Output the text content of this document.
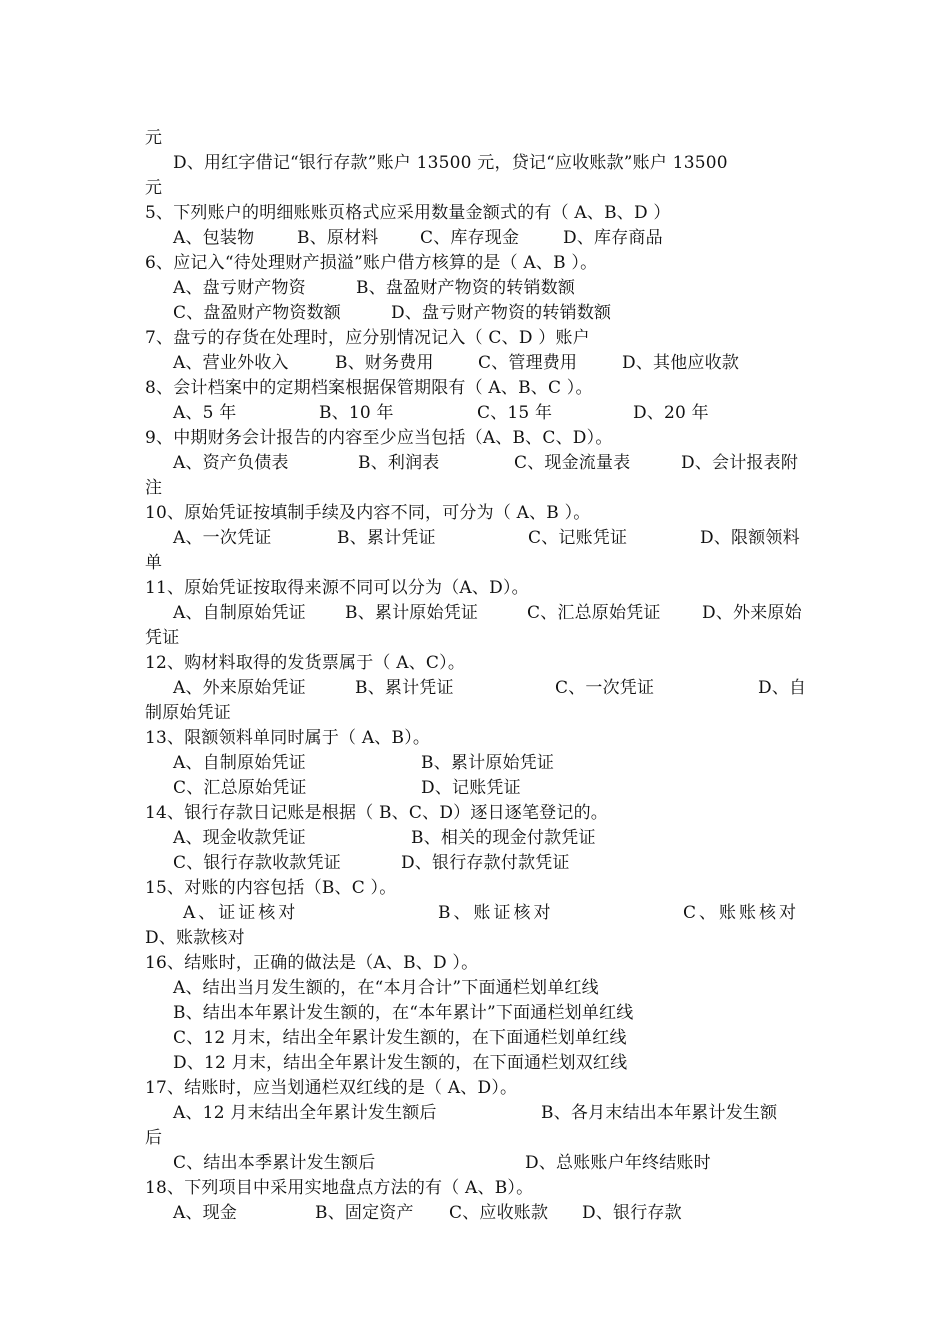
元
D、用红字借记“银行存款”账户 13500 元，贷记“应收账款”账户 13500
元
5、下列账户的明细账账页格式应采用数量金额式的有（ A、B、D ）

A、包装物

	B、原材料

C、库存现金

	D、库存商品

6、应记入“待处理财产损溢”账户借方核算的是（ A、B ）。

A、盘亏财产物资

	B、盘盈财产物资的转销数额

C、盘盈财产物资数额

	D、盘亏财产物资的转销数额

7、盘亏的存货在处理时，应分别情况记入（ C、D ）账户

A、营业外收入

	B、财务费用

	C、管理费用

	D、其他应收款

8、会计档案中的定期档案根据保管期限有（ A、B、C ）。

A、5 年

	B、10 年

	C、15 年

	D、20 年

9、中期财务会计报告的内容至少应当包括（A、B、C、D）。

A、资产负债表

	B、利润表

	C、现金流量表

	D、会计报表附

注
10、原始凭证按填制手续及内容不同，可分为（ A、B ）。

A、一次凭证

	B、累计凭证

	C、记账凭证

	D、限额领料

单
11、原始凭证按取得来源不同可以分为（A、D）。

A、自制原始凭证

B、累计原始凭证

	C、汇总原始凭证

D、外来原始

凭证
12、购材料取得的发货票属于（ A、C）。

A、外来原始凭证

	B、累计凭证

	C、一次凭证

	D、自

制原始凭证
13、限额领料单同时属于（ A、B）。

A、自制原始凭证

	B、累计原始凭证

C、汇总原始凭证

	D、记账凭证

14、银行存款日记账是根据（ B、C、D）逐日逐笔登记的。

A、现金收款凭证

	B、相关的现金付款凭证

C、银行存款收款凭证

	D、银行存款付款凭证

15、对账的内容包括（B、C ）。

A、证证核对

	B、账证核对

	C、账账核对

D、账款核对
16、结账时，正确的做法是（A、B、D ）。
A、结出当月发生额的，在“本月合计”下面通栏划单红线
B、结出本年累计发生额的，在“本年累计”下面通栏划单红线
C、12 月末，结出全年累计发生额的，在下面通栏划单红线
D、12 月末，结出全年累计发生额的，在下面通栏划双红线
17、结账时，应当划通栏双红线的是（ A、D）。

A、12 月末结出全年累计发生额后

	B、各月末结出本年累计发生额

后

C、结出本季累计发生额后

	D、总账账户年终结账时

18、下列项目中采用实地盘点方法的有（ A、B）。

A、现金

	B、固定资产

C、应收账款

D、银行存款
